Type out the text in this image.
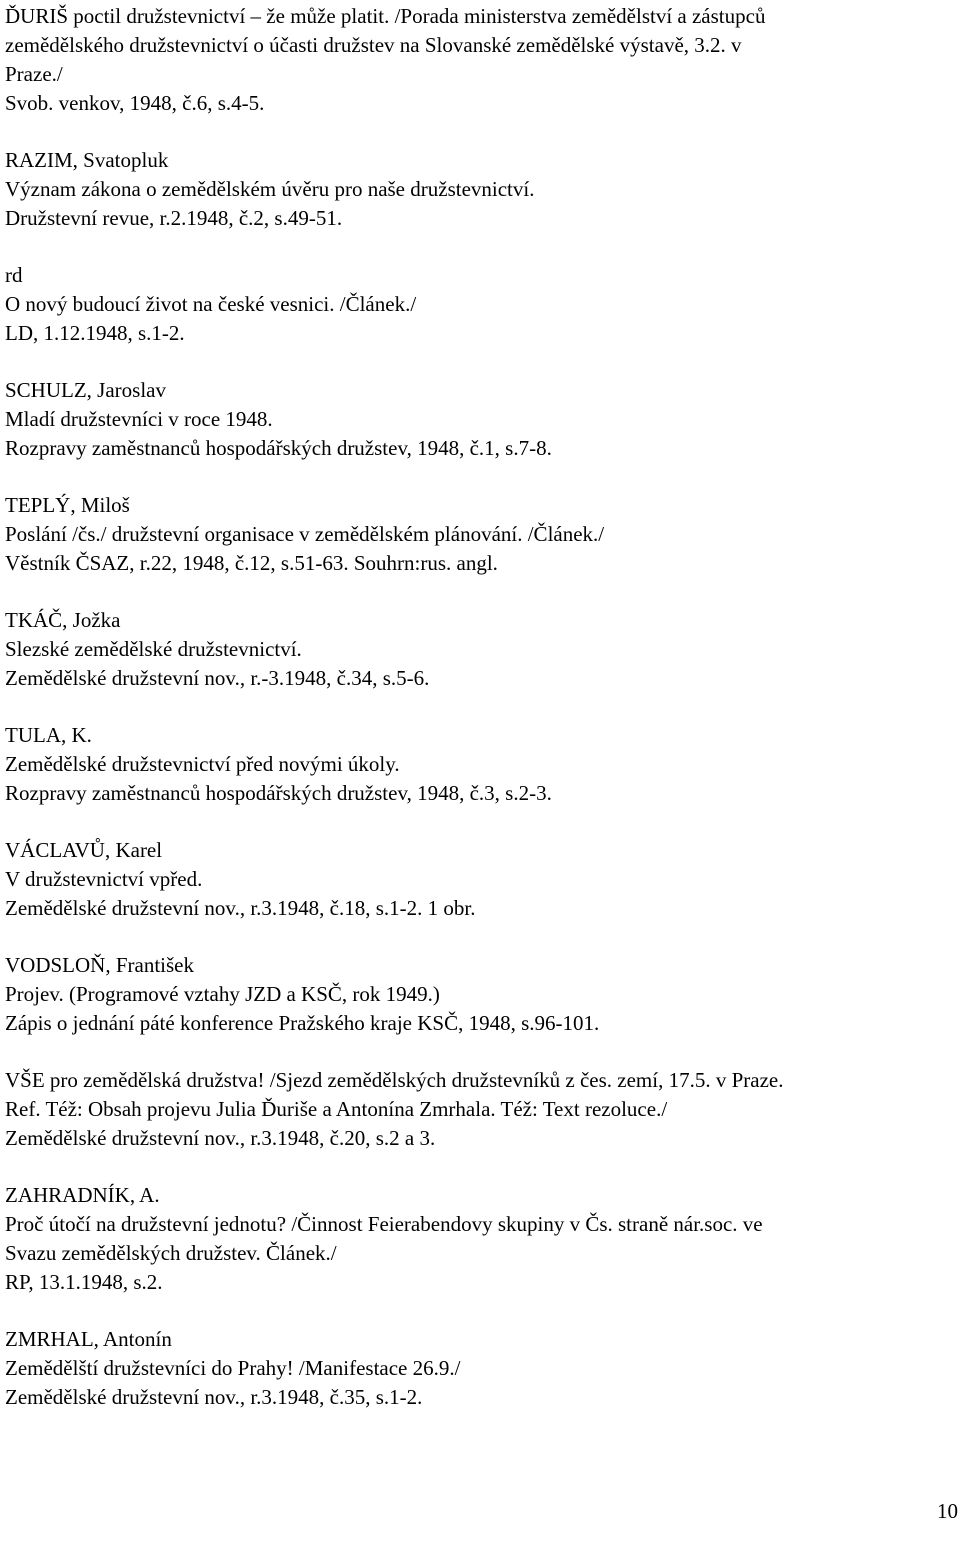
ĎURIŠ poctil družstevnictví – že může platit. /Porada ministerstva zemědělství a zástupců
zemědělského družstevnictví o účasti družstev na Slovanské zemědělské výstavě, 3.2. v
Praze./
Svob. venkov, 1948, č.6, s.4-5.
RAZIM, Svatopluk
Význam zákona o zemědělském úvěru pro naše družstevnictví.
Družstevní revue, r.2.1948, č.2, s.49-51.
rd
O nový budoucí život na české vesnici. /Článek./
LD, 1.12.1948, s.1-2.
SCHULZ, Jaroslav
Mladí družstevníci v roce 1948.
Rozpravy zaměstnanců hospodářských družstev, 1948, č.1, s.7-8.
TEPLÝ, Miloš
Poslání /čs./ družstevní organisace v zemědělském plánování. /Článek./
Věstník ČSAZ, r.22, 1948, č.12, s.51-63. Souhrn:rus. angl.
TKÁČ, Jožka
Slezské zemědělské družstevnictví.
Zemědělské družstevní nov., r.-3.1948, č.34, s.5-6.
TULA, K.
Zemědělské družstevnictví před novými úkoly.
Rozpravy zaměstnanců hospodářských družstev, 1948, č.3, s.2-3.
VÁCLAVŮ, Karel
V družstevnictví vpřed.
Zemědělské družstevní nov., r.3.1948, č.18, s.1-2. 1 obr.
VODSLOŇ, František
Projev. (Programové vztahy JZD a KSČ, rok 1949.)
Zápis o jednání páté konference Pražského kraje KSČ, 1948, s.96-101.
VŠE pro zemědělská družstva! /Sjezd zemědělských družstevníků z čes. zemí, 17.5. v Praze.
Ref. Též: Obsah projevu Julia Ďuriše a Antonína Zmrhala. Též: Text rezoluce./
Zemědělské družstevní nov., r.3.1948, č.20, s.2 a 3.
ZAHRADNÍK, A.
Proč útočí na družstevní jednotu? /Činnost Feierabendovy skupiny v Čs. straně nár.soc. ve
Svazu zemědělských družstev. Článek./
RP, 13.1.1948, s.2.
ZMRHAL, Antonín
Zemědělští družstevníci do Prahy! /Manifestace 26.9./
Zemědělské družstevní nov., r.3.1948, č.35, s.1-2.
10
